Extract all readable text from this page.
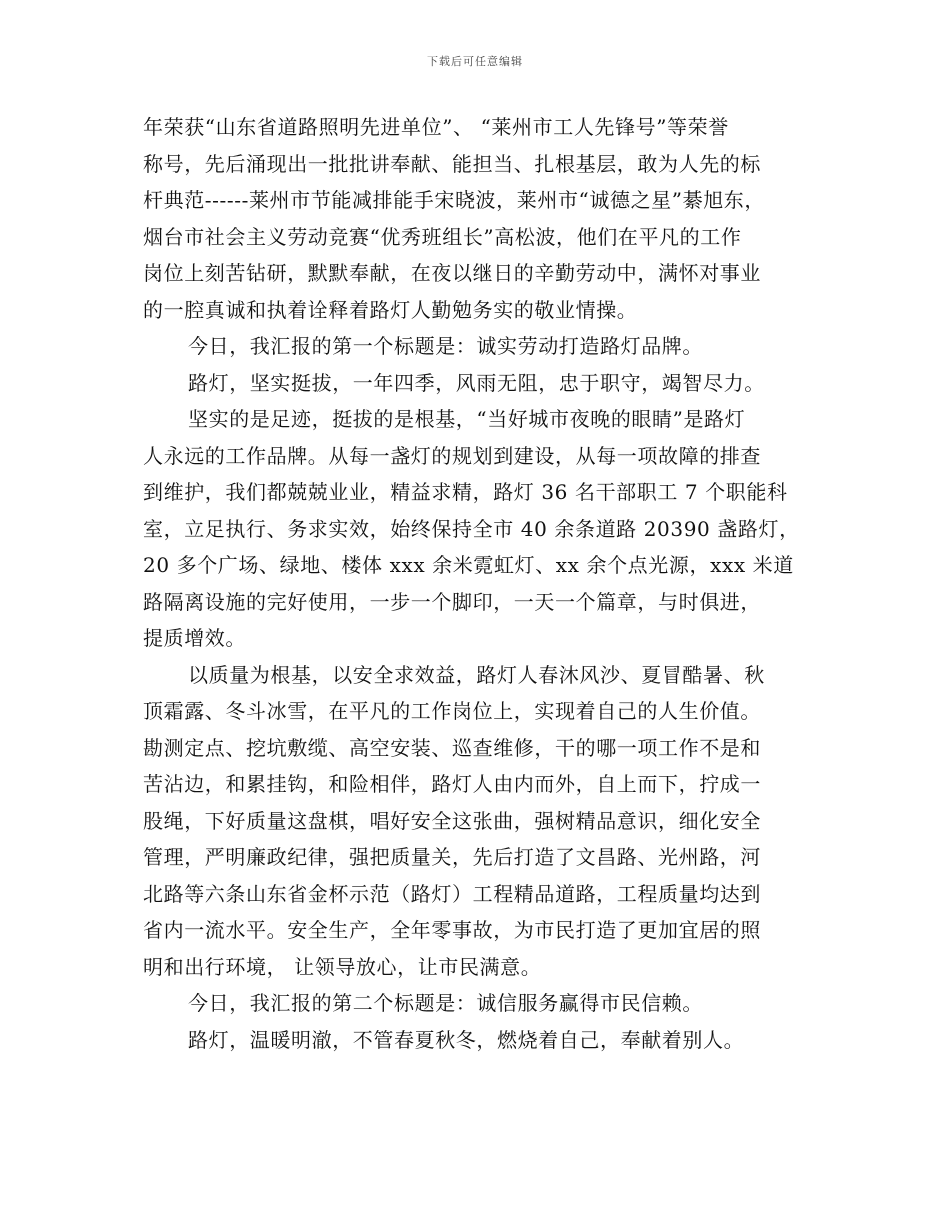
下载后可任意编辑
年荣获“山东省道路照明先进单位”、 “莱州市工人先锋号”等荣誉
称号，先后涌现出一批批讲奉献、能担当、扎根基层，敢为人先的标
杆典范------莱州市节能减排能手宋晓波，莱州市“诚德之星”綦旭东，
烟台市社会主义劳动竞赛“优秀班组长”高松波，他们在平凡的工作
岗位上刻苦钻研，默默奉献，在夜以继日的辛勤劳动中，满怀对事业
的一腔真诚和执着诠释着路灯人勤勉务实的敬业情操。
今日，我汇报的第一个标题是：诚实劳动打造路灯品牌。
路灯，坚实挺拔，一年四季，风雨无阻，忠于职守，竭智尽力。
坚实的是足迹，挺拔的是根基，“当好城市夜晚的眼睛”是路灯
人永远的工作品牌。从每一盏灯的规划到建设，从每一项故障的排查
到维护，我们都兢兢业业，精益求精，路灯 36 名干部职工 7 个职能科
室，立足执行、务求实效，始终保持全市 40 余条道路 20390 盏路灯，
20 多个广场、绿地、楼体 xxx 余米霓虹灯、xx 余个点光源，xxx 米道
路隔离设施的完好使用，一步一个脚印，一天一个篇章，与时俱进，
提质增效。
以质量为根基，以安全求效益，路灯人春沐风沙、夏冒酷暑、秋
顶霜露、冬斗冰雪，在平凡的工作岗位上，实现着自己的人生价值。
勘测定点、挖坑敷缆、高空安装、巡查维修，干的哪一项工作不是和
苦沾边，和累挂钩，和险相伴，路灯人由内而外，自上而下，拧成一
股绳，下好质量这盘棋，唱好安全这张曲，强树精品意识，细化安全
管理，严明廉政纪律，强把质量关，先后打造了文昌路、光州路，河
北路等六条山东省金杯示范（路灯）工程精品道路，工程质量均达到
省内一流水平。安全生产，全年零事故，为市民打造了更加宜居的照
明和出行环境， 让领导放心，让市民满意。
今日，我汇报的第二个标题是：诚信服务赢得市民信赖。
路灯，温暖明澈，不管春夏秋冬，燃烧着自己，奉献着别人。
